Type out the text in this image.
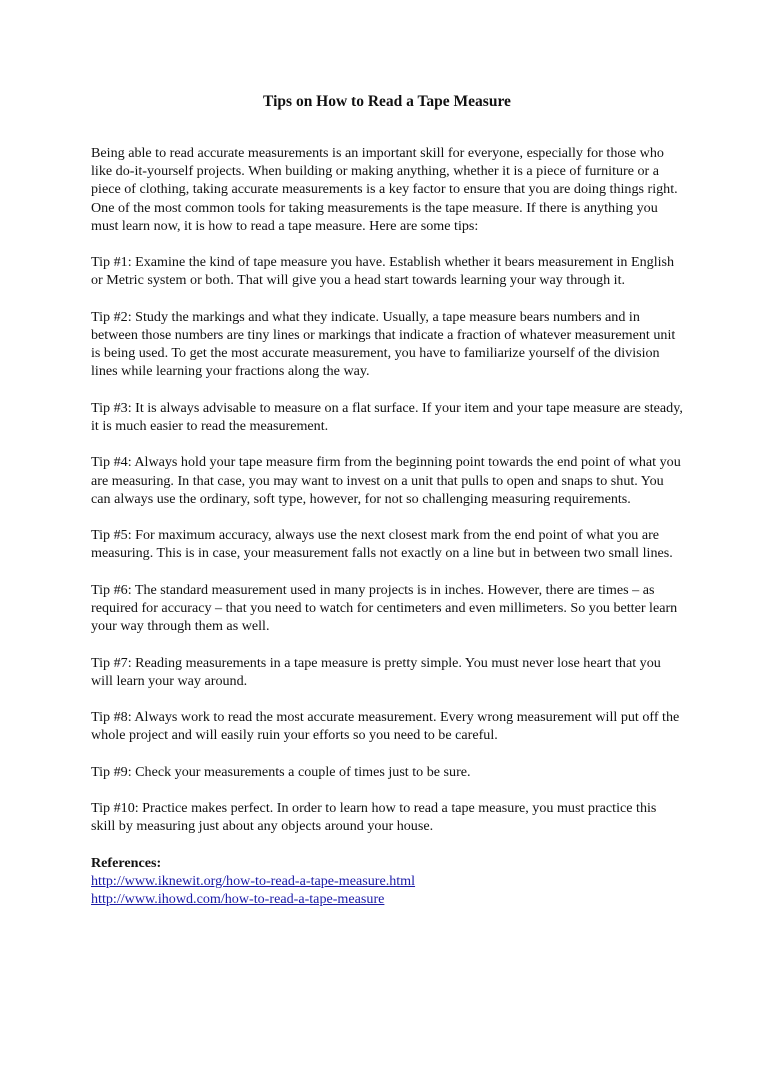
Tips on How to Read a Tape Measure

Being able to read accurate measurements is an important skill for everyone, especially for those who like do-it-yourself projects. When building or making anything, whether it is a piece of furniture or a piece of clothing, taking accurate measurements is a key factor to ensure that you are doing things right. One of the most common tools for taking measurements is the tape measure. If there is anything you must learn now, it is how to read a tape measure. Here are some tips:

Tip #1: Examine the kind of tape measure you have. Establish whether it bears measurement in English or Metric system or both. That will give you a head start towards learning your way through it.

Tip #2: Study the markings and what they indicate. Usually, a tape measure bears numbers and in between those numbers are tiny lines or markings that indicate a fraction of whatever measurement unit is being used. To get the most accurate measurement, you have to familiarize yourself of the division lines while learning your fractions along the way.

Tip #3: It is always advisable to measure on a flat surface. If your item and your tape measure are steady, it is much easier to read the measurement.

Tip #4: Always hold your tape measure firm from the beginning point towards the end point of what you are measuring. In that case, you may want to invest on a unit that pulls to open and snaps to shut. You can always use the ordinary, soft type, however, for not so challenging measuring requirements.

Tip #5: For maximum accuracy, always use the next closest mark from the end point of what you are measuring. This is in case, your measurement falls not exactly on a line but in between two small lines.

Tip #6: The standard measurement used in many projects is in inches. However, there are times – as required for accuracy – that you need to watch for centimeters and even millimeters. So you better learn your way through them as well.

Tip #7: Reading measurements in a tape measure is pretty simple. You must never lose heart that you will learn your way around.

Tip #8: Always work to read the most accurate measurement. Every wrong measurement will put off the whole project and will easily ruin your efforts so you need to be careful.

Tip #9: Check your measurements a couple of times just to be sure.

Tip #10: Practice makes perfect. In order to learn how to read a tape measure, you must practice this skill by measuring just about any objects around your house.

References:
http://www.iknewit.org/how-to-read-a-tape-measure.html
http://www.ihowd.com/how-to-read-a-tape-measure
